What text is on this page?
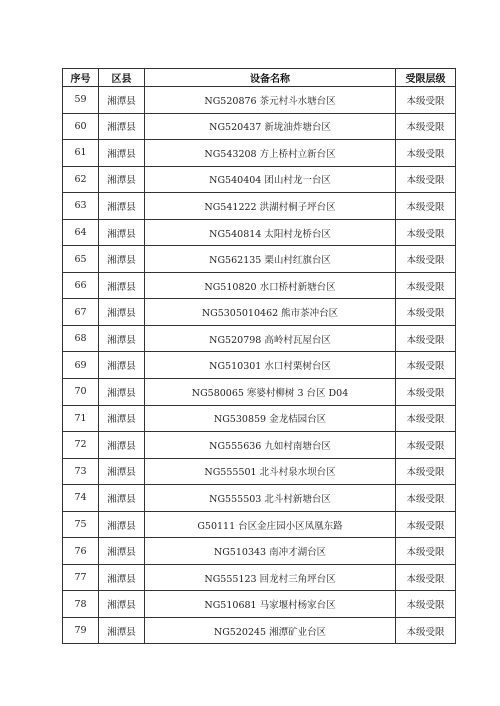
序号	区县	设备名称	受限层级
59	湘潭县	NG520876 茶元村斗水塘台区	本级受限
60	湘潭县	NG520437 新垅油炸塘台区	本级受限
61	湘潭县	NG543208 方上桥村立新台区	本级受限
62	湘潭县	NG540404 团山村龙一台区	本级受限
63	湘潭县	NG541222 洪湖村桐子坪台区	本级受限
64	湘潭县	NG540814 太阳村龙桥台区	本级受限
65	湘潭县	NG562135 栗山村红旗台区	本级受限
66	湘潭县	NG510820 水口桥村新塘台区	本级受限
67	湘潭县	NG5305010462 熊市茶冲台区	本级受限
68	湘潭县	NG520798 高岭村瓦屋台区	本级受限
69	湘潭县	NG510301 水口村栗树台区	本级受限
70	湘潭县	NG580065 寒婆村柳树 3 台区 D04	本级受限
71	湘潭县	NG530859 金龙桔园台区	本级受限
72	湘潭县	NG555636 九如村南塘台区	本级受限
73	湘潭县	NG555501 北斗村泉水坝台区	本级受限
74	湘潭县	NG555503 北斗村新塘台区	本级受限
75	湘潭县	G50111 台区金庄园小区凤凰东路	本级受限
76	湘潭县	NG510343 南冲才湖台区	本级受限
77	湘潭县	NG555123 回龙村三角坪台区	本级受限
78	湘潭县	NG510681 马家堰村杨家台区	本级受限
79	湘潭县	NG520245 湘潭矿业台区	本级受限
